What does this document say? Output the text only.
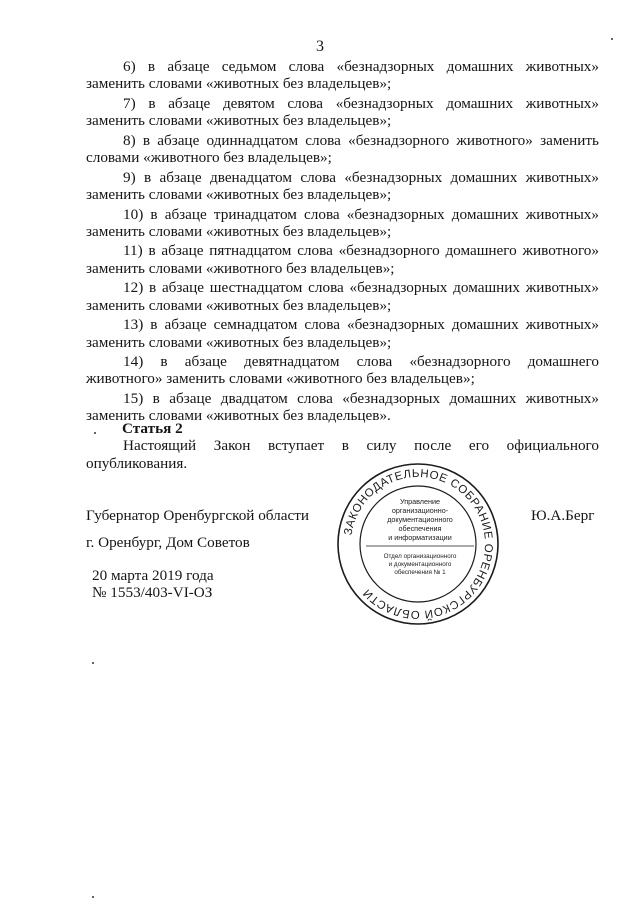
3

6) в абзаце седьмом слова «безнадзорных домашних животных» заменить словами «животных без владельцев»;

7) в абзаце девятом слова «безнадзорных домашних животных» заменить словами «животных без владельцев»;

8) в абзаце одиннадцатом слова «безнадзорного животного» заменить словами «животного без владельцев»;

9) в абзаце двенадцатом слова «безнадзорных домашних животных» заменить словами «животных без владельцев»;

10) в абзаце тринадцатом слова «безнадзорных домашних животных» заменить словами «животных без владельцев»;

11) в абзаце пятнадцатом слова «безнадзорного домашнего животного» заменить словами «животного без владельцев»;

12) в абзаце шестнадцатом слова «безнадзорных домашних животных» заменить словами «животных без владельцев»;

13) в абзаце семнадцатом слова «безнадзорных домашних животных» заменить словами «животных без владельцев»;

14) в абзаце девятнадцатом слова «безнадзорного домашнего животного» заменить словами «животного без владельцев»;

15) в абзаце двадцатом слова «безнадзорных домашних животных» заменить словами «животных без владельцев».

Статья 2
Настоящий Закон вступает в силу после его официального опубликования.
Губернатор Оренбургской области	Ю.А.Берг
г. Оренбург, Дом Советов
20 марта 2019 года
№ 1553/403-VI-ОЗ
ЗАКОНОДАТЕЛЬНОЕ СОБРАНИЕ ОРЕНБУРГСКОЙ ОБЛАСТИ
Управление
организационно-
документационного
обеспечения
и информатизации
Отдел организационного
и документационного
обеспечения № 1
